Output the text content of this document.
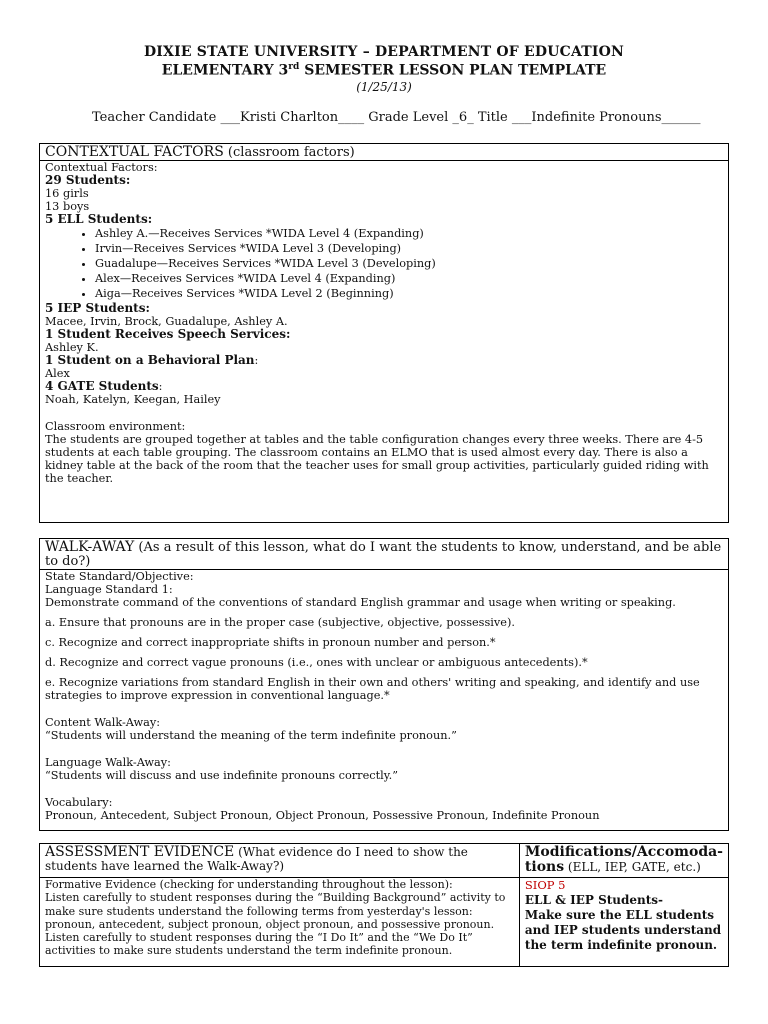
DIXIE STATE UNIVERSITY – DEPARTMENT OF EDUCATION
ELEMENTARY 3rd SEMESTER LESSON PLAN TEMPLATE
(1/25/13)
Teacher Candidate ___Kristi Charlton____ Grade Level _6_ Title ___Indefinite Pronouns______
CONTEXTUAL FACTORS (classroom factors)
Contextual Factors:
29 Students:
16 girls
13 boys
5 ELL Students:
• Ashley A.—Receives Services *WIDA Level 4 (Expanding)
• Irvin—Receives Services *WIDA Level 3 (Developing)
• Guadalupe—Receives Services *WIDA Level 3 (Developing)
• Alex—Receives Services *WIDA Level 4 (Expanding)
• Aiga—Receives Services *WIDA Level 2 (Beginning)
5 IEP Students:
Macee, Irvin, Brock, Guadalupe, Ashley A.
1 Student Receives Speech Services:
Ashley K.
1 Student on a Behavioral Plan:
Alex
4 GATE Students:
Noah, Katelyn, Keegan, Hailey
Classroom environment:
The students are grouped together at tables and the table configuration changes every three weeks. There are 4-5 students at each table grouping. The classroom contains an ELMO that is used almost every day. There is also a kidney table at the back of the room that the teacher uses for small group activities, particularly guided riding with the teacher.
WALK-AWAY (As a result of this lesson, what do I want the students to know, understand, and be able to do?)
State Standard/Objective:
Language Standard 1:
Demonstrate command of the conventions of standard English grammar and usage when writing or speaking.
a. Ensure that pronouns are in the proper case (subjective, objective, possessive).
c. Recognize and correct inappropriate shifts in pronoun number and person.*
d. Recognize and correct vague pronouns (i.e., ones with unclear or ambiguous antecedents).*
e. Recognize variations from standard English in their own and others' writing and speaking, and identify and use strategies to improve expression in conventional language.*
Content Walk-Away:
“Students will understand the meaning of the term indefinite pronoun.”
Language Walk-Away:
“Students will discuss and use indefinite pronouns correctly.”
Vocabulary:
Pronoun, Antecedent, Subject Pronoun, Object Pronoun, Possessive Pronoun, Indefinite Pronoun
ASSESSMENT EVIDENCE (What evidence do I need to show the students have learned the Walk-Away?)
Formative Evidence (checking for understanding throughout the lesson):
Listen carefully to student responses during the “Building Background” activity to make sure students understand the following terms from yesterday's lesson: pronoun, antecedent, subject pronoun, object pronoun, and possessive pronoun.
Listen carefully to student responses during the “I Do It” and the “We Do It” activities to make sure students understand the term indefinite pronoun.
Modifications/Accomoda-tions (ELL, IEP, GATE, etc.)
SIOP 5
ELL & IEP Students-
Make sure the ELL students and IEP students understand the term indefinite pronoun.
